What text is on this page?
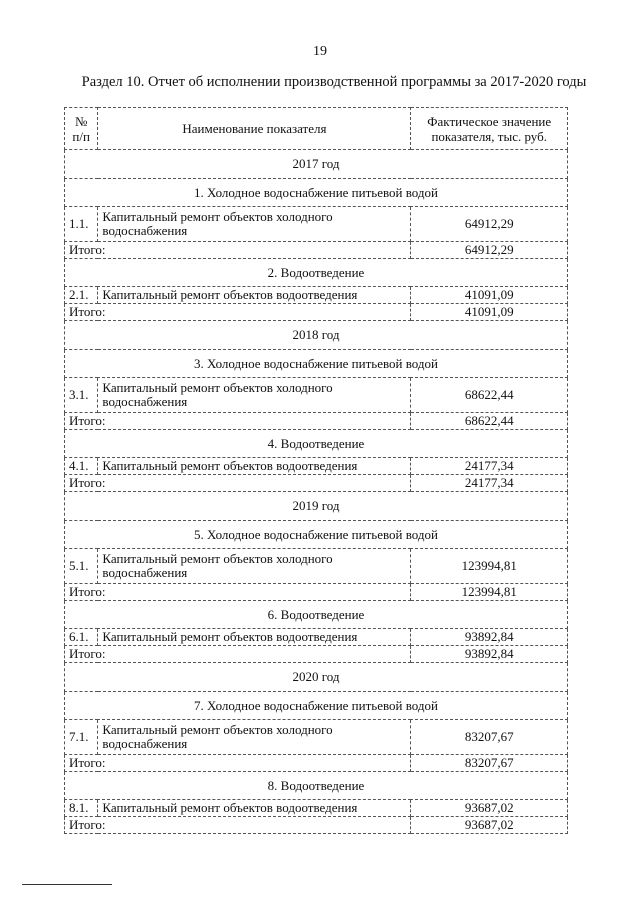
19
Раздел 10. Отчет об исполнении производственной программы за 2017-2020 годы
№ п/п	Наименование показателя	Фактическое значение показателя, тыс. руб.
2017 год		
1. Холодное водоснабжение питьевой водой		
1.1.	Капитальный ремонт объектов холодного водоснабжения	64912,29
Итого:		64912,29
2. Водоотведение		
2.1.	Капитальный ремонт объектов водоотведения	41091,09
Итого:		41091,09
2018 год		
3. Холодное водоснабжение питьевой водой		
3.1.	Капитальный ремонт объектов холодного водоснабжения	68622,44
Итого:		68622,44
4. Водоотведение		
4.1.	Капитальный ремонт объектов водоотведения	24177,34
Итого:		24177,34
2019 год		
5. Холодное водоснабжение питьевой водой		
5.1.	Капитальный ремонт объектов холодного водоснабжения	123994,81
Итого:		123994,81
6. Водоотведение		
6.1.	Капитальный ремонт объектов водоотведения	93892,84
Итого:		93892,84
2020 год		
7. Холодное водоснабжение питьевой водой		
7.1.	Капитальный ремонт объектов холодного водоснабжения	83207,67
Итого:		83207,67
8. Водоотведение		
8.1.	Капитальный ремонт объектов водоотведения	93687,02
Итого:		93687,02
